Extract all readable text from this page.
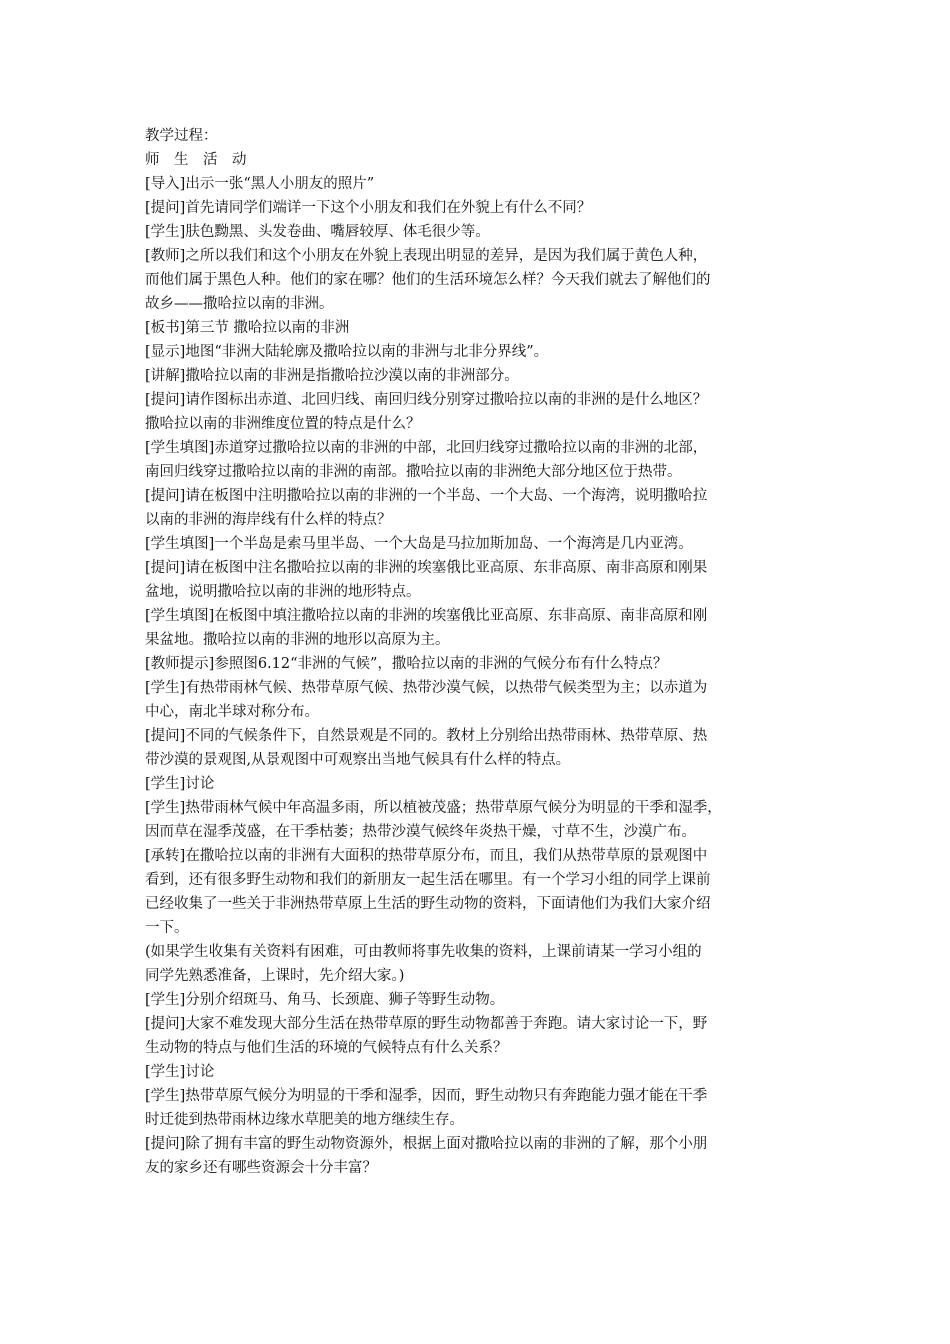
教学过程：
师　生　活　动
[导入]出示一张“黑人小朋友的照片”
[提问]首先请同学们端详一下这个小朋友和我们在外貌上有什么不同？
[学生]肤色黝黑、头发卷曲、嘴唇较厚、体毛很少等。
[教师]之所以我们和这个小朋友在外貌上表现出明显的差异，是因为我们属于黄色人种，
而他们属于黑色人种。他们的家在哪？他们的生活环境怎么样？今天我们就去了解他们的
故乡——撒哈拉以南的非洲。
[板书]第三节 撒哈拉以南的非洲
[显示]地图“非洲大陆轮廓及撒哈拉以南的非洲与北非分界线”。
[讲解]撒哈拉以南的非洲是指撒哈拉沙漠以南的非洲部分。
[提问]请作图标出赤道、北回归线、南回归线分别穿过撒哈拉以南的非洲的是什么地区？
撒哈拉以南的非洲维度位置的特点是什么？
[学生填图]赤道穿过撒哈拉以南的非洲的中部，北回归线穿过撒哈拉以南的非洲的北部，
南回归线穿过撒哈拉以南的非洲的南部。撒哈拉以南的非洲绝大部分地区位于热带。
[提问]请在板图中注明撒哈拉以南的非洲的一个半岛、一个大岛、一个海湾，说明撒哈拉
以南的非洲的海岸线有什么样的特点？
[学生填图]一个半岛是索马里半岛、一个大岛是马拉加斯加岛、一个海湾是几内亚湾。
[提问]请在板图中注名撒哈拉以南的非洲的埃塞俄比亚高原、东非高原、南非高原和刚果
盆地，说明撒哈拉以南的非洲的地形特点。
[学生填图]在板图中填注撒哈拉以南的非洲的埃塞俄比亚高原、东非高原、南非高原和刚
果盆地。撒哈拉以南的非洲的地形以高原为主。
[教师提示]参照图6.12“非洲的气候”，撒哈拉以南的非洲的气候分布有什么特点？
[学生]有热带雨林气候、热带草原气候、热带沙漠气候，以热带气候类型为主；以赤道为
中心，南北半球对称分布。
[提问]不同的气候条件下，自然景观是不同的。教材上分别给出热带雨林、热带草原、热
带沙漠的景观图,从景观图中可观察出当地气候具有什么样的特点。
[学生]讨论
[学生]热带雨林气候中年高温多雨，所以植被茂盛；热带草原气候分为明显的干季和湿季，
因而草在湿季茂盛，在干季枯萎；热带沙漠气候终年炎热干燥，寸草不生，沙漠广布。
[承转]在撒哈拉以南的非洲有大面积的热带草原分布，而且，我们从热带草原的景观图中
看到，还有很多野生动物和我们的新朋友一起生活在哪里。有一个学习小组的同学上课前
已经收集了一些关于非洲热带草原上生活的野生动物的资料，下面请他们为我们大家介绍
一下。
(如果学生收集有关资料有困难，可由教师将事先收集的资料，上课前请某一学习小组的
同学先熟悉准备，上课时，先介绍大家。)
[学生]分别介绍斑马、角马、长颈鹿、狮子等野生动物。
[提问]大家不难发现大部分生活在热带草原的野生动物都善于奔跑。请大家讨论一下，野
生动物的特点与他们生活的环境的气候特点有什么关系？
[学生]讨论
[学生]热带草原气候分为明显的干季和湿季，因而，野生动物只有奔跑能力强才能在干季
时迁徙到热带雨林边缘水草肥美的地方继续生存。
[提问]除了拥有丰富的野生动物资源外，根据上面对撒哈拉以南的非洲的了解，那个小朋
友的家乡还有哪些资源会十分丰富？
